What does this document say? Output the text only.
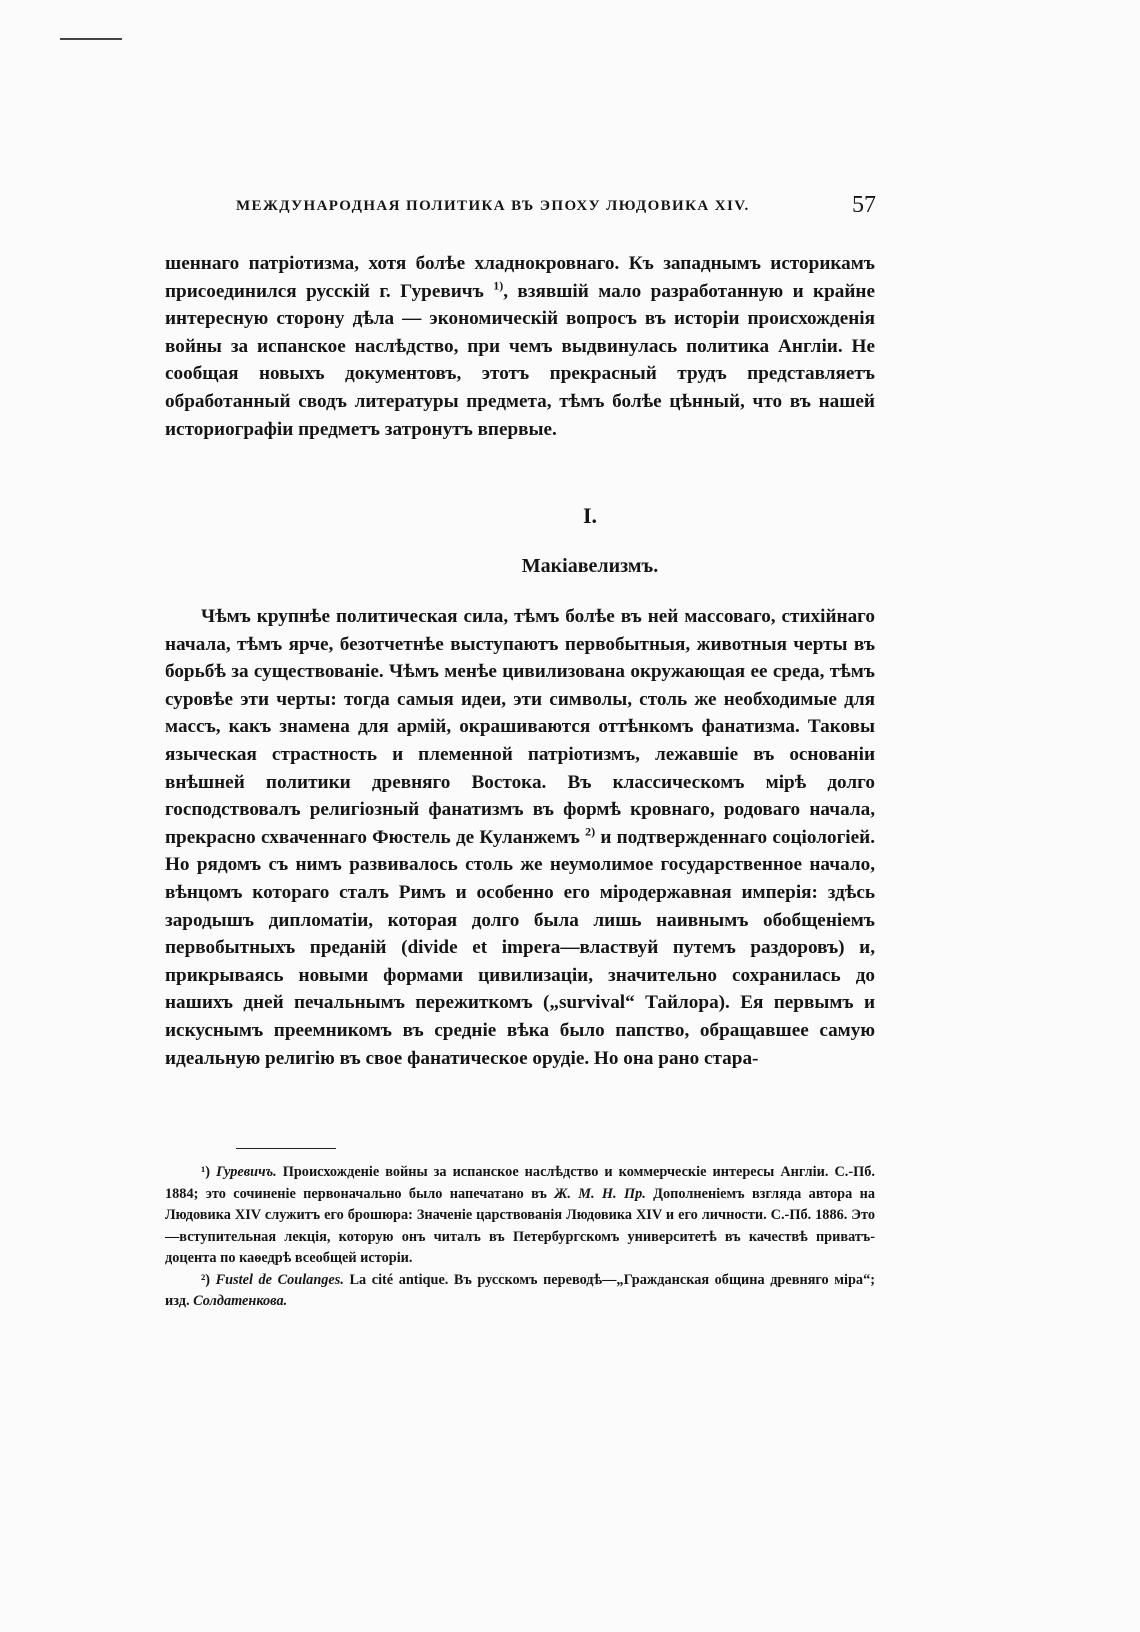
МЕЖДУНАРОДНАЯ ПОЛИТИКА ВЪ ЭПОХУ ЛЮДОВИКА XIV.	57

шеннаго патріотизма, хотя болѣе хладнокровнаго. Къ западнымъ историкамъ присоединился русскій г. Гуревичъ $^{1)}$, взявшій мало разработанную и крайне интересную сторону дѣла — экономическій вопросъ въ исторіи происхожденія войны за испанское наслѣдство, при чемъ выдвинулась политика Англіи. Не сообщая новыхъ документовъ, этотъ прекрасный трудъ представляетъ обработанный сводъ литературы предмета, тѣмъ болѣе цѣнный, что въ нашей историографіи предметъ затронутъ впервые.

I.
Макіавелизмъ.

Чѣмъ крупнѣе политическая сила, тѣмъ болѣе въ ней массоваго, стихійнаго начала, тѣмъ ярче, безотчетнѣе выступаютъ первобытныя, животныя черты въ борьбѣ за существованіе. Чѣмъ менѣе цивилизована окружающая ее среда, тѣмъ суровѣе эти черты: тогда самыя идеи, эти символы, столь же необходимые для массъ, какъ знамена для армій, окрашиваются оттѣнкомъ фанатизма. Таковы языческая страстность и племенной патріотизмъ, лежавшіе въ основаніи внѣшней политики древняго Востока. Въ классическомъ мірѣ долго господствовалъ религіозный фанатизмъ въ формѣ кровнаго, родоваго начала, прекрасно схваченнаго Фюстель де Куланжемъ $^{2)}$ и подтвержденнаго соціологіей. Но рядомъ съ нимъ развивалось столь же неумолимое государственное начало, вѣнцомъ котораго сталъ Римъ и особенно его міродержавная имперія: здѣсь зародышъ дипломатіи, которая долго была лишь наивнымъ обобщеніемъ первобытныхъ преданій (divide et impera—властвуй путемъ раздоровъ) и, прикрываясь новыми формами цивилизаціи, значительно сохранилась до нашихъ дней печальнымъ пережиткомъ („survival“ Тайлора). Ея первымъ и искуснымъ преемникомъ въ средніе вѣка было папство, обращавшее самую идеальную религію въ свое фанатическое орудіе. Но она рано стара-

¹) Гуревичъ. Происхожденіе войны за испанское наслѣдство и коммерческіе интересы Англіи. С.-Пб. 1884; это сочиненіе первоначально было напечатано въ Ж. М. Н. Пр. Дополненіемъ взгляда автора на Людовика XIV служитъ его брошюра: Значеніе царствованія Людовика XIV и его личности. С.-Пб. 1886. Это—вступительная лекція, которую онъ читалъ въ Петербургскомъ университетѣ въ качествѣ приватъ-доцента по каѳедрѣ всеобщей исторіи.

²) Fustel de Coulanges. La cité antique. Въ русскомъ переводѣ—„Гражданская община древняго міра“; изд. Солдатенкова.
